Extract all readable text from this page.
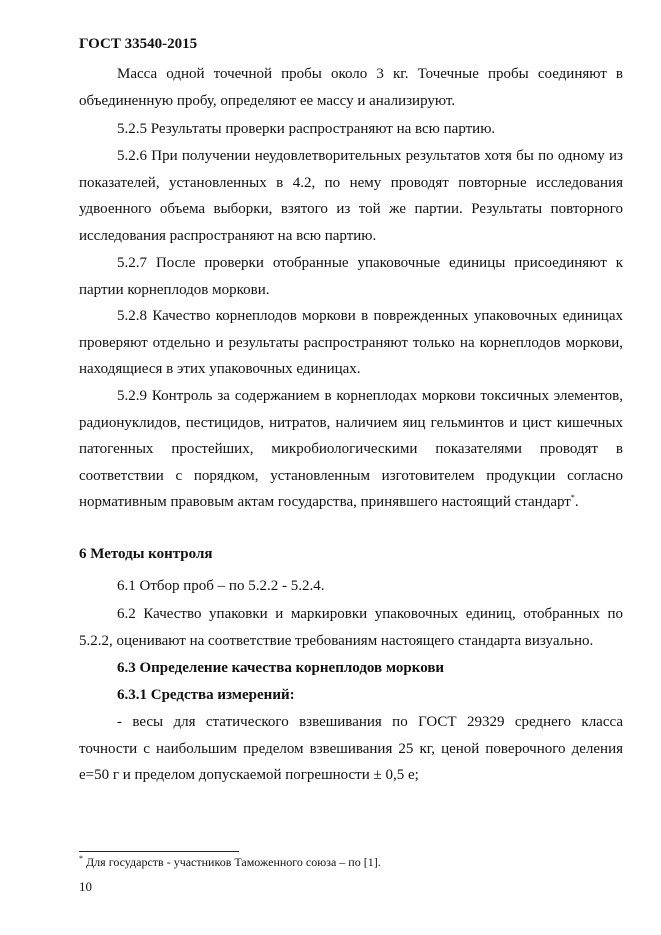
ГОСТ 33540-2015

Масса одной точечной пробы около 3 кг. Точечные пробы соединяют в объединенную пробу, определяют ее массу и анализируют.

5.2.5 Результаты проверки распространяют на всю партию.

5.2.6 При получении неудовлетворительных результатов хотя бы по одному из показателей, установленных в 4.2, по нему проводят повторные исследования удвоенного объема выборки, взятого из той же партии. Результаты повторного исследования распространяют на всю партию.

5.2.7 После проверки отобранные упаковочные единицы присоединяют к партии корнеплодов моркови.

5.2.8 Качество корнеплодов моркови в поврежденных упаковочных единицах проверяют отдельно и результаты распространяют только на корнеплодов моркови, находящиеся в этих упаковочных единицах.

5.2.9 Контроль за содержанием в корнеплодах моркови токсичных элементов, радионуклидов, пестицидов, нитратов, наличием яиц гельминтов и цист кишечных патогенных простейших, микробиологическими показателями проводят в соответствии с порядком, установленным изготовителем продукции согласно нормативным правовым актам государства, принявшего настоящий стандарт*.

6 Методы контроля

6.1 Отбор проб – по 5.2.2 - 5.2.4.

6.2 Качество упаковки и маркировки упаковочных единиц, отобранных по 5.2.2, оценивают на соответствие требованиям настоящего стандарта визуально.

6.3 Определение качества корнеплодов моркови

6.3.1 Средства измерений:

- весы для статического взвешивания по ГОСТ 29329 среднего класса точности с наибольшим пределом взвешивания 25 кг, ценой поверочного деления е=50 г и пределом допускаемой погрешности ± 0,5 е;

* Для государств - участников Таможенного союза – по [1].
10
